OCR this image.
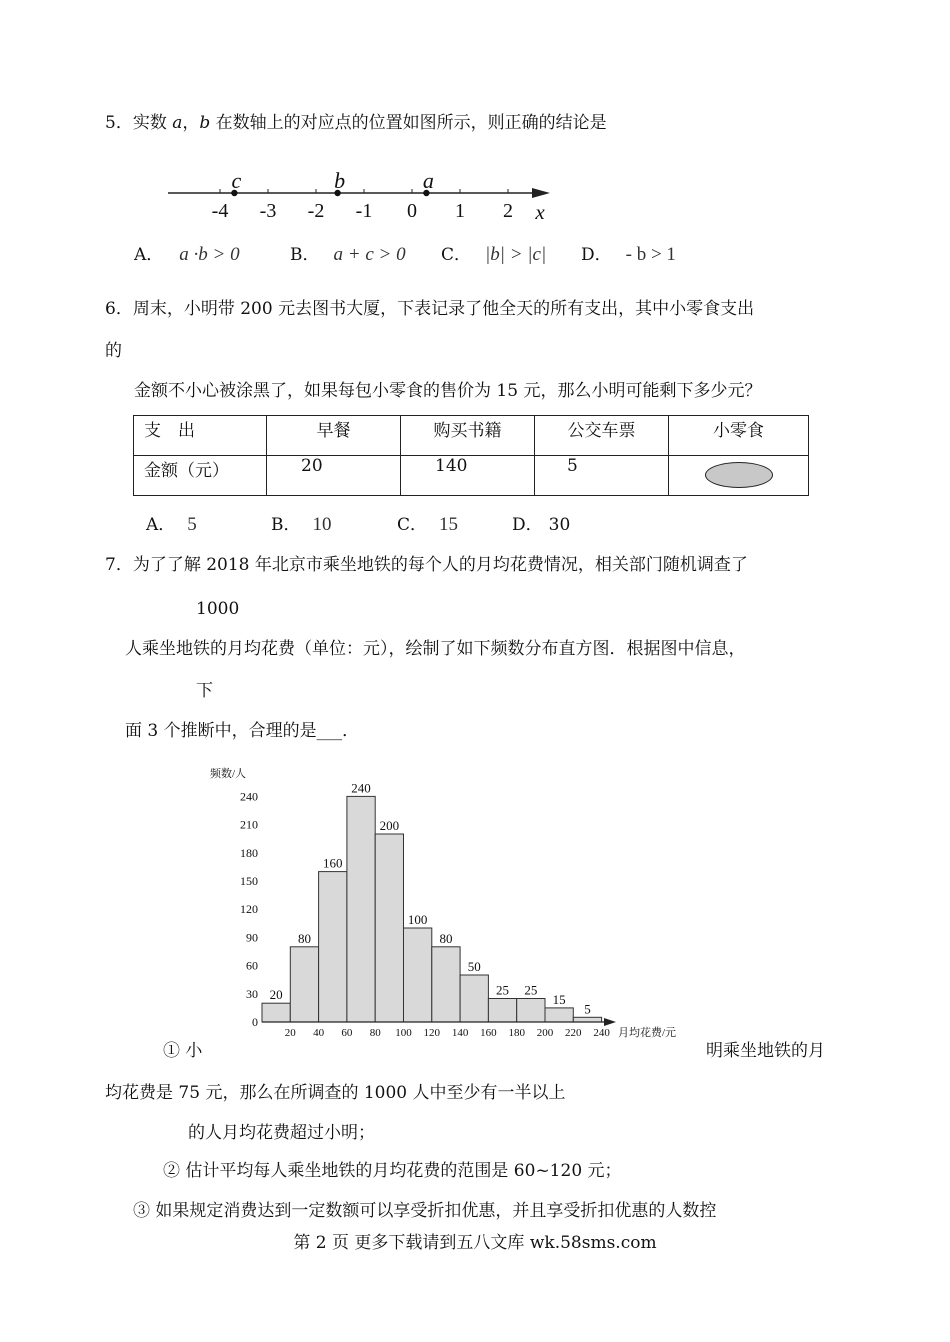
5．实数 a，b 在数轴上的对应点的位置如图所示，则正确的结论是
-4 -3 -2 -1 0 1 2 x
c	b	a
A． a ·b > 0	B． a + c > 0 C． |b| > |c| D． - b > 1
6．周末，小明带 200 元去图书大厦，下表记录了他全天的所有支出，其中小零食支出
的
金额不小心被涂黑了，如果每包小零食的售价为 15 元，那么小明可能剩下多少元？
支　出	早餐	购买书籍	公交车票	小零食
金额（元）	20	140	5	
A． 5	B． 10	C． 15	D． 30
7．为了了解 2018 年北京市乘坐地铁的每个人的月均花费情况，相关部门随机调查了
1000
人乘坐地铁的月均花费（单位：元），绘制了如下频数分布直方图．根据图中信息，
下
面 3 个推断中，合理的是___．
频数/人
0
30
60
90
120
150
180
210
240
20
80
160
240
200
100
80
50
25 25
15
5
20 40 60 80 100 120 140 160 180 200 220 240 月均花费/元
① 小	明乘坐地铁的月
均花费是 75 元，那么在所调查的 1000 人中至少有一半以上
的人月均花费超过小明；
② 估计平均每人乘坐地铁的月均花费的范围是 60~120 元；
③ 如果规定消费达到一定数额可以享受折扣优惠，并且享受折扣优惠的人数控
第 2 页 更多下载请到五八文库 wk.58sms.com
